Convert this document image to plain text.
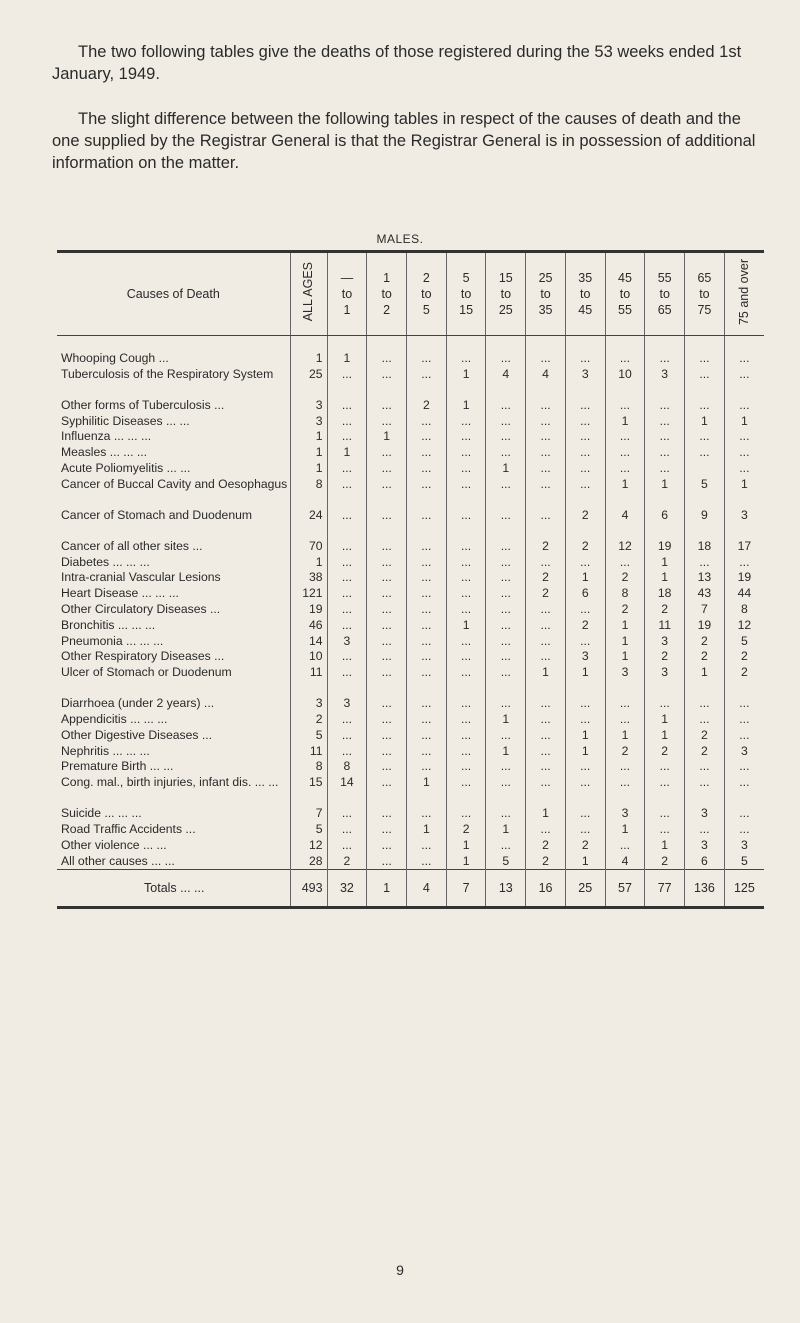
The two following tables give the deaths of those registered during the 53 weeks ended 1st January, 1949.

The slight difference between the following tables in respect of the causes of death and the one supplied by the Registrar General is that the Registrar General is in possession of additional information on the matter.

MALES.
Causes of Death	ALL AGES	—
to
1	1
to
2	2
to
5	5
to
15	15
to
25	25
to
35	35
to
45	45
to
55	55
to
65	65
to
75	75 and over

Whooping Cough ...	1	1	...	...	...	...	...	...	...	...	...	...
Tuberculosis of the Respiratory System	25	...	...	...	1	4	4	3	10	3	...	...
Other forms of Tuberculosis ...	3	...	...	2	1	...	...	...	...	...	...	...
Syphilitic Diseases ... ...	3	...	...	...	...	...	...	...	1	...	1	1
Influenza ... ... ...	1	...	1	...	...	...	...	...	...	...	...	...
Measles ... ... ...	1	1	...	...	...	...	...	...	...	...	...	...
Acute Poliomyelitis ... ...	1	...	...	...	...	1	...	...	...	...		...
Cancer of Buccal Cavity and Oesophagus	8	...	...	...	...	...	...	...	1	1	5	1
Cancer of Stomach and Duodenum	24	...	...	...	...	...	...	2	4	6	9	3
Cancer of all other sites ...	70	...	...	...	...	...	2	2	12	19	18	17
Diabetes ... ... ...	1	...	...	...	...	...	...	...	...	1	...	...
Intra-cranial Vascular Lesions	38	...	...	...	...	...	2	1	2	1	13	19
Heart Disease ... ... ...	121	...	...	...	...	...	2	6	8	18	43	44
Other Circulatory Diseases ...	19	...	...	...	...	...	...	...	2	2	7	8
Bronchitis ... ... ...	46	...	...	...	1	...	...	2	1	11	19	12
Pneumonia ... ... ...	14	3	...	...	...	...	...	...	1	3	2	5
Other Respiratory Diseases ...	10	...	...	...	...	...	...	3	1	2	2	2
Ulcer of Stomach or Duodenum	11	...	...	...	...	...	1	1	3	3	1	2
Diarrhoea (under 2 years) ...	3	3	...	...	...	...	...	...	...	...	...	...
Appendicitis ... ... ...	2	...	...	...	...	1	...	...	...	1	...	...
Other Digestive Diseases ...	5	...	...	...	...	...	...	1	1	1	2	...
Nephritis ... ... ...	11	...	...	...	...	1	...	1	2	2	2	3
Premature Birth ... ...	8	8	...	...	...	...	...	...	...	...	...	...
Cong. mal., birth injuries, infant dis. ... ...	15	14	...	1	...	...	...	...	...	...	...	...
Suicide ... ... ...	7	...	...	...	...	...	1	...	3	...	3	...
Road Traffic Accidents ...	5	...	...	1	2	1	...	...	1	...	...	...
Other violence ... ...	12	...	...	...	1	...	2	2	...	1	3	3
All other causes ... ...	28	2	...	...	1	5	2	1	4	2	6	5
Totals ... ...	493	32	1	4	7	13	16	25	57	77	136	125
9
